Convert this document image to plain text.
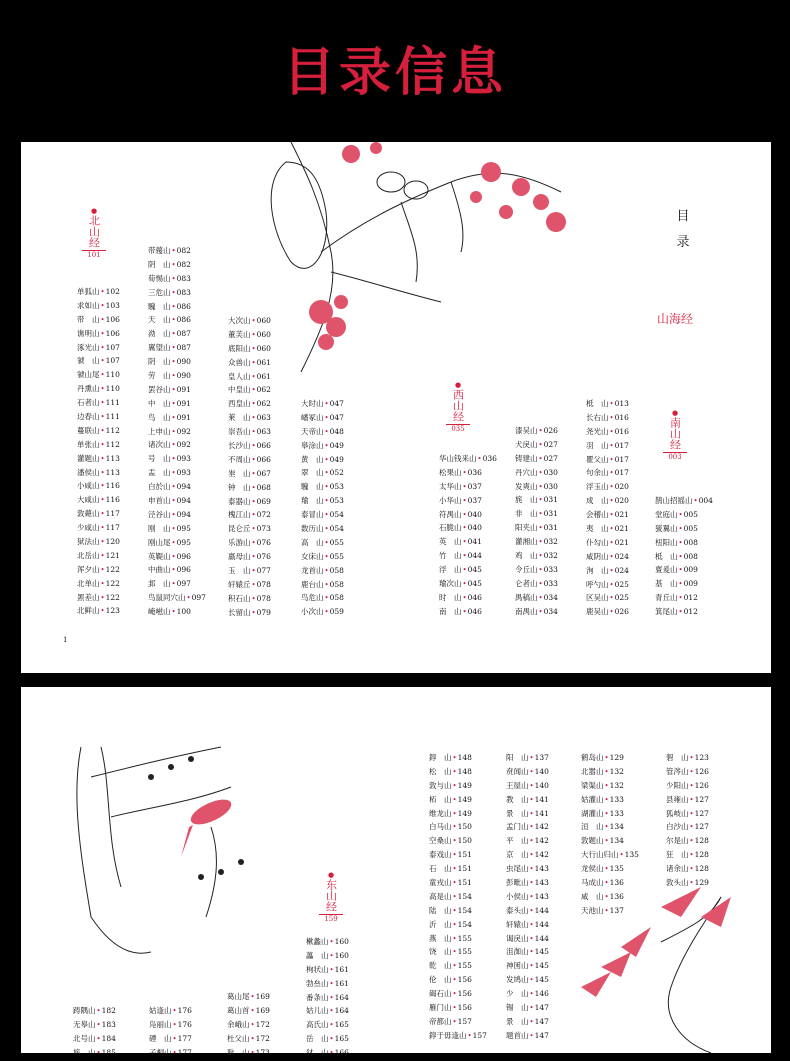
目录信息
目录
山海经
●
北山经
101
●
西山经
035
●
南山经
003
单狐山•102
求如山•103
带　山•106
谯明山•106
涿光山•107
虢　山•107
虢山尾•110
丹熏山•110
石者山•111
边春山•111
蔓联山•112
单张山•112
灌题山•113
潘侯山•113
小咸山•116
大咸山•116
敦薨山•117
少咸山•117
狱法山•120
北岳山•121
浑夕山•122
北单山•122
罴差山•122
北鲜山•123
带薎山•082
阴　山•082
荀惕山•083
三危山•083
騩　山•086
天　山•086
泑　山•087
翼望山•087
阴　山•090
劳　山•090
罢谷山•091
中　山•091
鸟　山•091
上申山•092
诸次山•092
号　山•093
盂　山•093
白於山•094
申首山•094
泾谷山•094
刚　山•095
刚山尾•095
英鞮山•096
中曲山•096
邽　山•097
鸟鼠同穴山•097
崦嵫山•100
大次山•060
董芙山•060
底阳山•060
众兽山•061
皇人山•061
中皇山•062
西皇山•062
莱　山•063
崇吾山•063
长沙山•066
不周山•066
峚　山•067
钟　山•068
泰器山•069
槐江山•072
昆仑丘•073
乐游山•076
嬴母山•076
玉　山•077
轩辕丘•078
积石山•078
长留山•079
大时山•047
嶓冢山•047
天帝山•048
皋涂山•049
黄　山•049
翠　山•052
騩　山•053
羭　山•053
泰冒山•054
数历山•054
高　山•055
女床山•055
龙首山•058
鹿台山•058
鸟危山•058
小次山•059
华山钱来山•036
松果山•036
太华山•037
小华山•037
符禺山•040
石脆山•040
英　山•041
竹　山•044
浮　山•045
羭次山•045
时　山•046
南　山•046
漆吴山•026
犬戾山•027
铸建山•027
丹穴山•030
发爽山•030
旄　山•031
非　山•031
阳夹山•031
灌湘山•032
鸡　山•032
令丘山•033
仑者山•033
禺稿山•034
南禺山•034
柢　山•013
长右山•016
尧光山•016
羽　山•017
瞿父山•017
句余山•017
浮玉山•020
成　山•020
会稽山•021
夷　山•021
仆勾山•021
咸阴山•024
洵　山•024
呼勺山•025
区吴山•025
鹿吴山•026
鹊山招摇山•004
堂庭山•005
猨翼山•005
杻阳山•008
柢　山•008
亶爰山•009
基　山•009
青丘山•012
箕尾山•012
1
●
东山经
159
踌隅山•182
无皋山•183
北号山•184
旄　山•185
姑逢山•176
凫丽山•176
䃌　山•177
子桐山•177
葛山尾•169
葛山首•169
余峨山•172
杜父山•172
耿　山•173
樕蠡山•160
藟　山•160
栒状山•161
勃亝山•161
番条山•164
姑儿山•164
高氏山•165
岳　山•165
犲　山•166
錞　山•148
松　山•148
敦与山•149
柘　山•149
维龙山•149
白马山•150
空桑山•150
泰戏山•151
石　山•151
童戎山•151
高是山•154
陆　山•154
沂　山•154
燕　山•155
饶　山•155
乾　山•155
伦　山•156
碣石山•156
雁门山•156
帝都山•157
錞于毋逢山•157
阳　山•137
贲闻山•140
王屋山•140
教　山•141
景　山•141
孟门山•142
平　山•142
京　山•142
虫尾山•143
彭毗山•143
小侯山•143
泰头山•144
轩辕山•144
谒戾山•144
沮洳山•145
神囷山•145
发鸠山•145
少　山•146
锡　山•147
景　山•147
题首山•147
鹤岛山•129
北嚣山•132
梁渠山•132
姑灌山•133
湖灌山•133
洹　山•134
敦题山•134
大行山归山•135
龙侯山•135
马成山•136
咸　山•136
天池山•137
䂮　山•123
管涔山•126
少阳山•126
县雍山•127
狐岐山•127
白沙山•127
尔是山•128
狂　山•128
诸余山•128
敦头山•129
